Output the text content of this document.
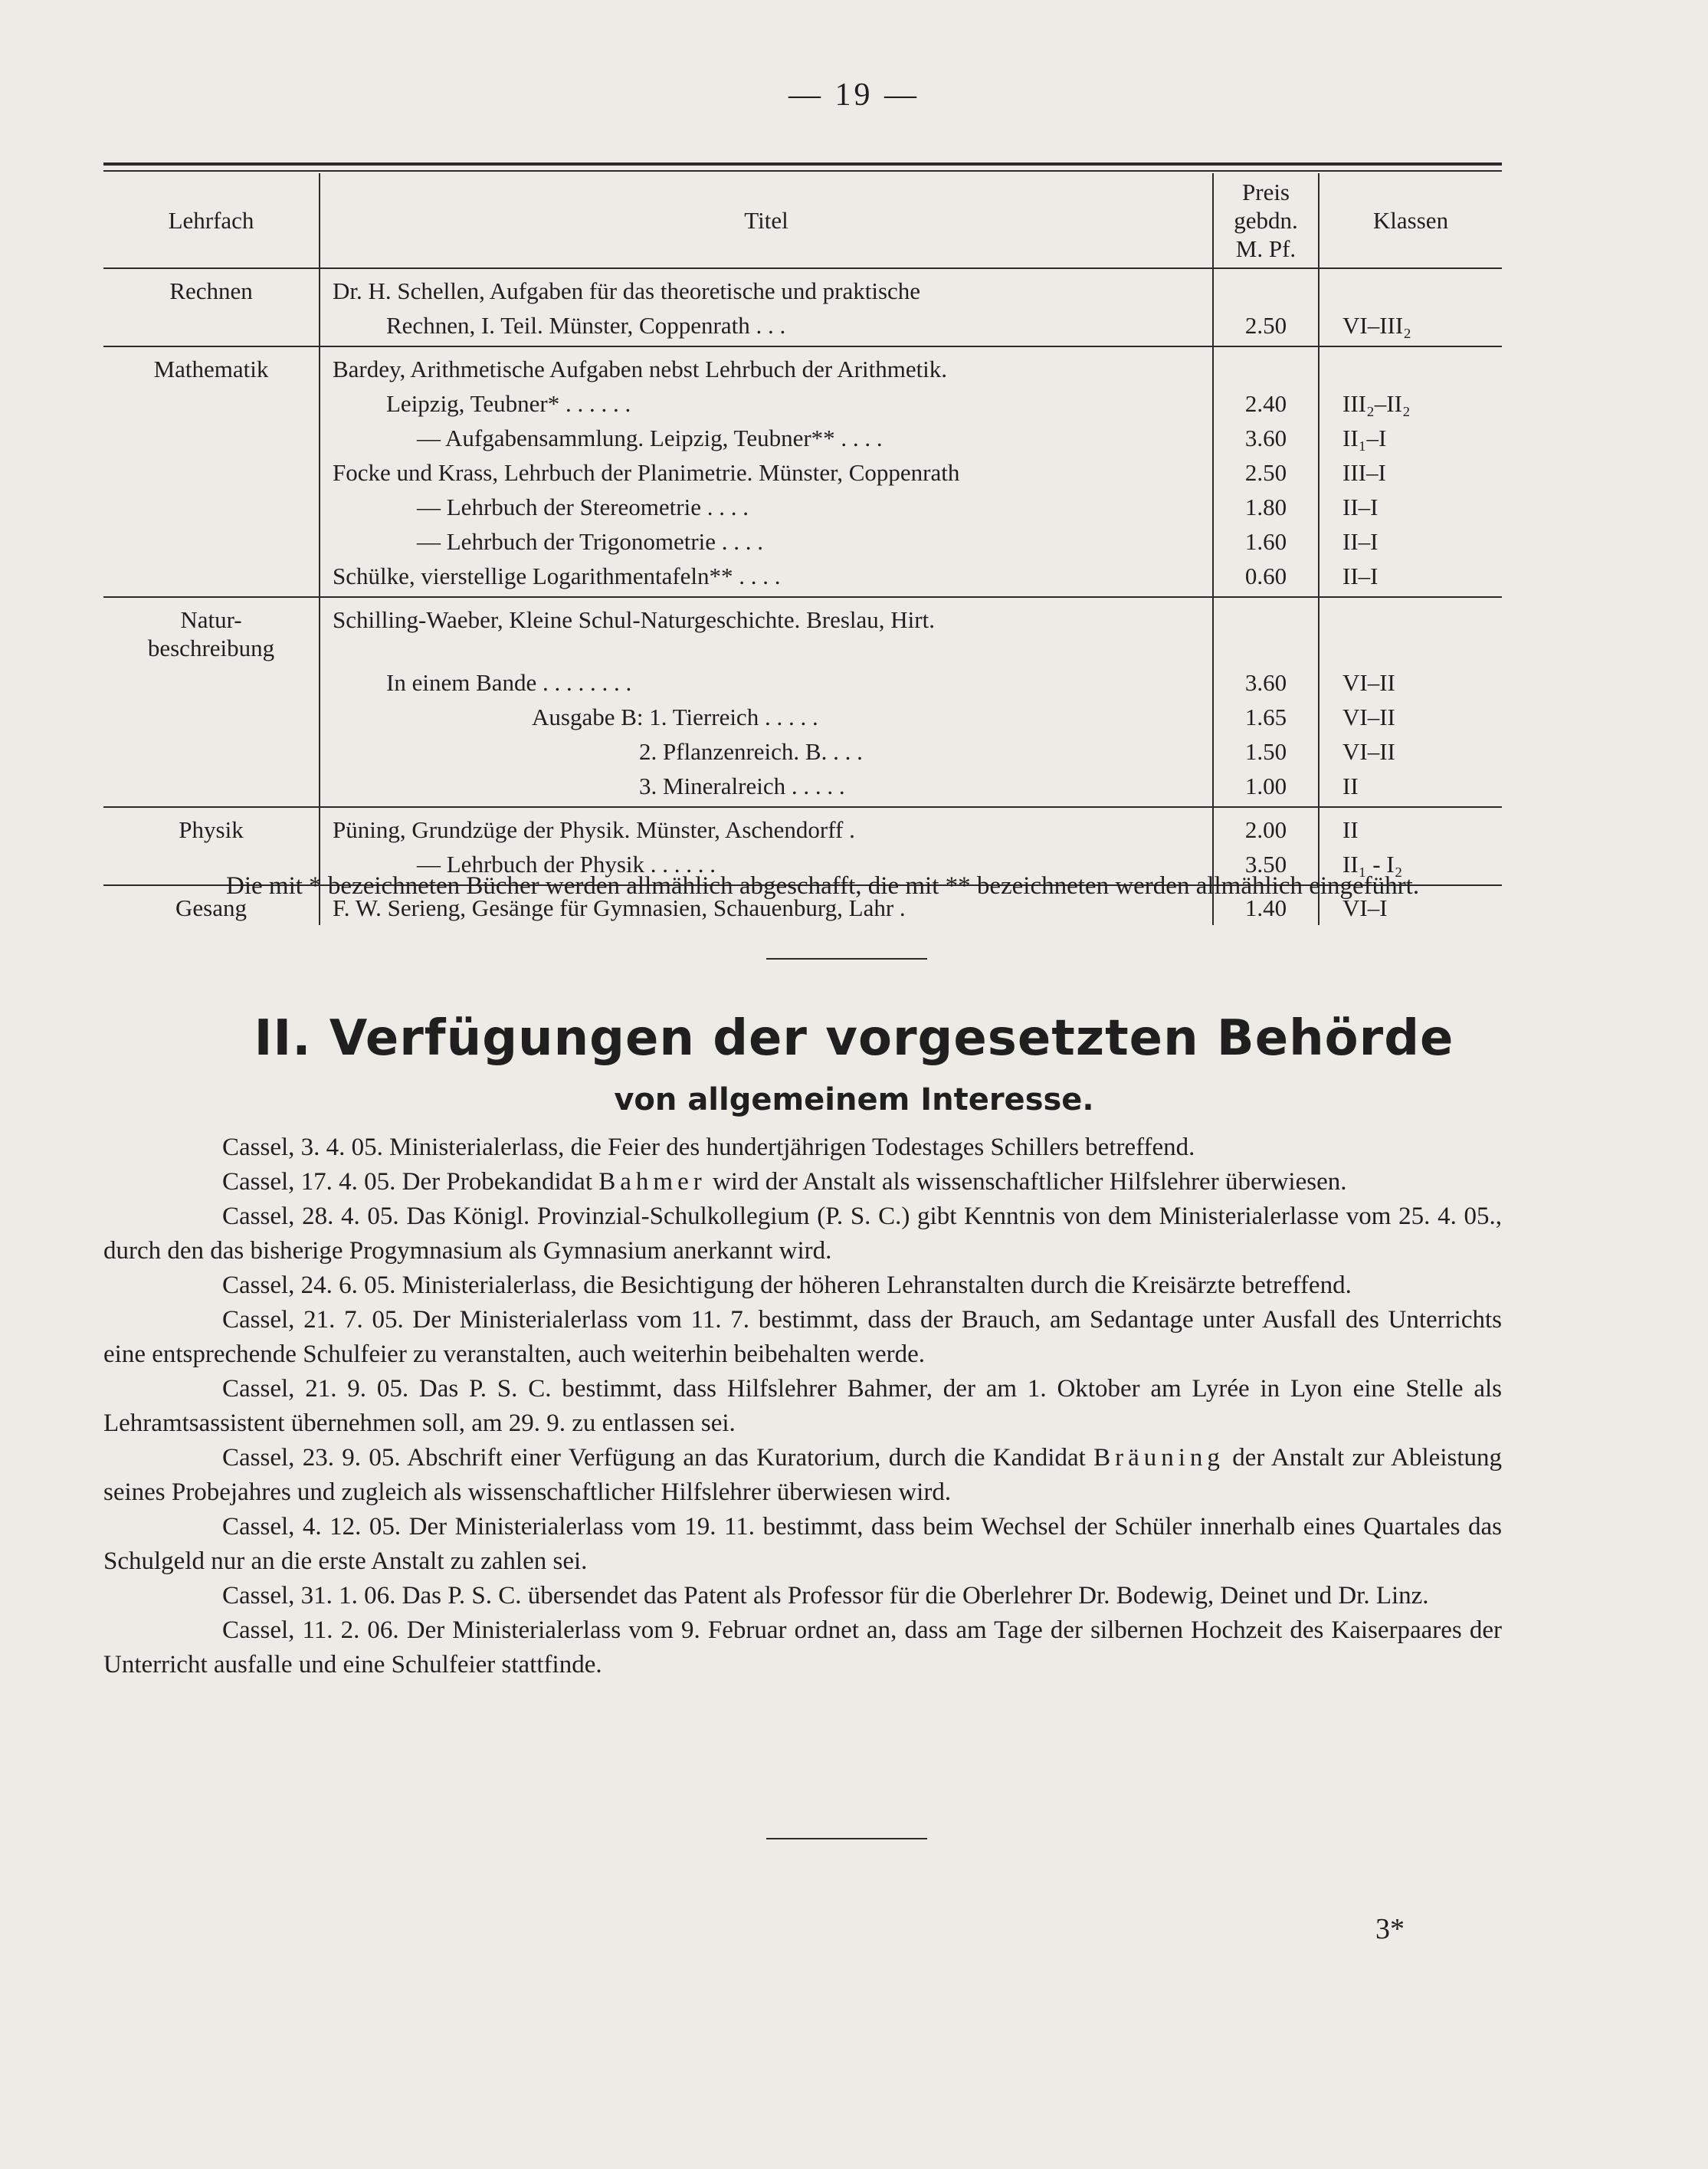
— 19 —
Lehrfach	Titel	Preis
gebdn.
M. Pf.	Klassen

Rechnen	Dr. H. Schellen, Aufgaben für das theoretische und praktische		

	Rechnen, I. Teil. Münster, Coppenrath . . .	2.50	VI–III₂

Mathematik	Bardey, Arithmetische Aufgaben nebst Lehrbuch der Arithmetik.		

	Leipzig, Teubner* . . . . . .	2.40	III₂–II₂

	— Aufgabensammlung. Leipzig, Teubner** . . . .	3.60	II₁–I

	Focke und Krass, Lehrbuch der Planimetrie. Münster, Coppenrath	2.50	III–I

	— Lehrbuch der Stereometrie . . . .	1.80	II–I

	— Lehrbuch der Trigonometrie . . . .	1.60	II–I

	Schülke, vierstellige Logarithmentafeln** . . . .	0.60	II–I

Natur-
beschreibung	Schilling-Waeber, Kleine Schul-Naturgeschichte. Breslau, Hirt.		

	In einem Bande . . . . . . . .	3.60	VI–II

	Ausgabe B: 1. Tierreich . . . . .	1.65	VI–II

	2. Pflanzenreich. B. . . .	1.50	VI–II

	3. Mineralreich . . . . .	1.00	II

Physik	Püning, Grundzüge der Physik. Münster, Aschendorff .	2.00	II

	— Lehrbuch der Physik . . . . . .	3.50	II₁ - I₂

Gesang	F. W. Serieng, Gesänge für Gymnasien, Schauenburg, Lahr .	1.40	VI–I
Die mit * bezeichneten Bücher werden allmählich abgeschafft, die mit ** bezeichneten werden allmählich eingeführt.
II. Verfügungen der vorgesetzten Behörde
von allgemeinem Interesse.

Cassel, 3. 4. 05. Ministerialerlass, die Feier des hundertjährigen Todestages Schillers betreffend.

Cassel, 17. 4. 05. Der Probekandidat Bahmer wird der Anstalt als wissenschaftlicher Hilfslehrer überwiesen.

Cassel, 28. 4. 05. Das Königl. Provinzial-Schulkollegium (P. S. C.) gibt Kenntnis von dem Ministerialerlasse vom 25. 4. 05., durch den das bisherige Progymnasium als Gymnasium anerkannt wird.

Cassel, 24. 6. 05. Ministerialerlass, die Besichtigung der höheren Lehranstalten durch die Kreisärzte betreffend.

Cassel, 21. 7. 05. Der Ministerialerlass vom 11. 7. bestimmt, dass der Brauch, am Sedantage unter Ausfall des Unterrichts eine entsprechende Schulfeier zu veranstalten, auch weiterhin beibehalten werde.

Cassel, 21. 9. 05. Das P. S. C. bestimmt, dass Hilfslehrer Bahmer, der am 1. Oktober am Lyrée in Lyon eine Stelle als Lehramtsassistent übernehmen soll, am 29. 9. zu entlassen sei.

Cassel, 23. 9. 05. Abschrift einer Verfügung an das Kuratorium, durch die Kandidat Bräuning der Anstalt zur Ableistung seines Probejahres und zugleich als wissenschaftlicher Hilfslehrer überwiesen wird.

Cassel, 4. 12. 05. Der Ministerialerlass vom 19. 11. bestimmt, dass beim Wechsel der Schüler innerhalb eines Quartales das Schulgeld nur an die erste Anstalt zu zahlen sei.

Cassel, 31. 1. 06. Das P. S. C. übersendet das Patent als Professor für die Oberlehrer Dr. Bodewig, Deinet und Dr. Linz.

Cassel, 11. 2. 06. Der Ministerialerlass vom 9. Februar ordnet an, dass am Tage der silbernen Hochzeit des Kaiserpaares der Unterricht ausfalle und eine Schulfeier stattfinde.

3*
